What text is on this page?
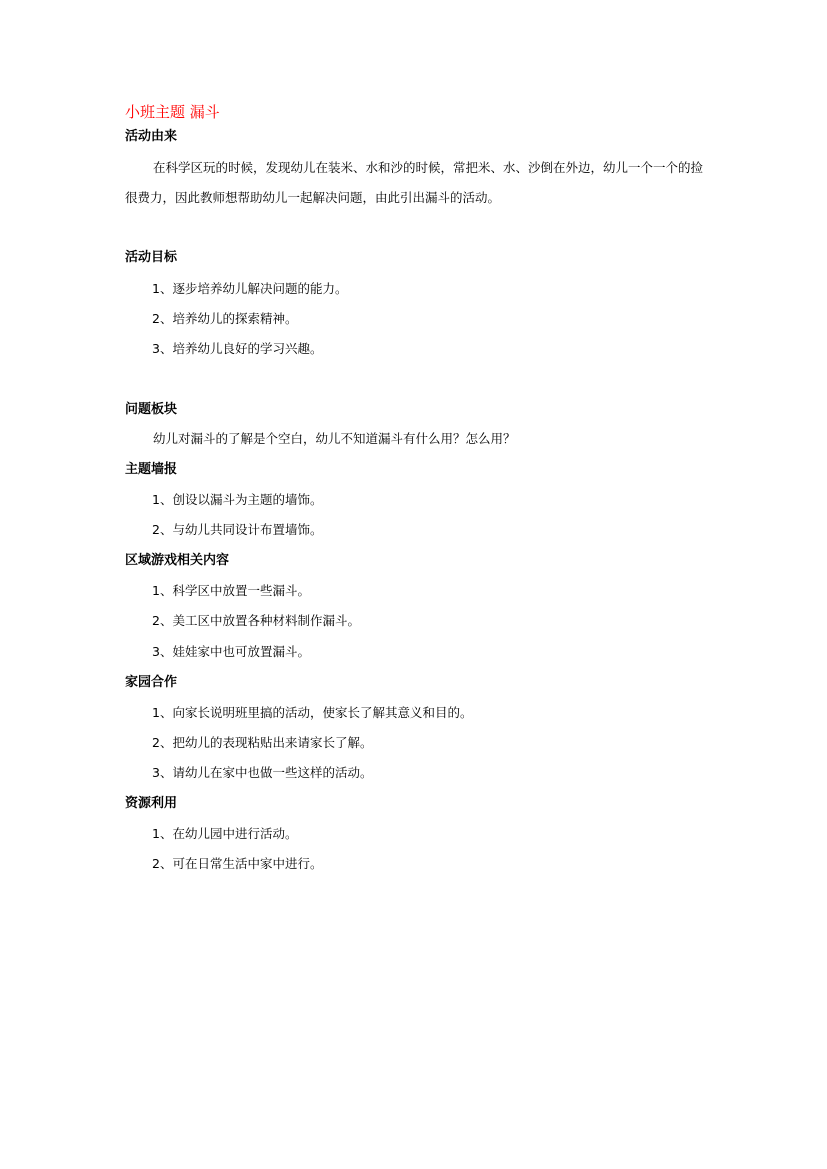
小班主题 漏斗
活动由来

在科学区玩的时候，发现幼儿在装米、水和沙的时候，常把米、水、沙倒在外边，幼儿一个一个的捡很费力，因此教师想帮助幼儿一起解决问题，由此引出漏斗的活动。

活动目标
1、逐步培养幼儿解决问题的能力。
2、培养幼儿的探索精神。
3、培养幼儿良好的学习兴趣。
问题板块

幼儿对漏斗的了解是个空白，幼儿不知道漏斗有什么用？怎么用？

主题墙报
1、创设以漏斗为主题的墙饰。
2、与幼儿共同设计布置墙饰。
区域游戏相关内容
1、科学区中放置一些漏斗。
2、美工区中放置各种材料制作漏斗。
3、娃娃家中也可放置漏斗。
家园合作
1、向家长说明班里搞的活动，使家长了解其意义和目的。
2、把幼儿的表现粘贴出来请家长了解。
3、请幼儿在家中也做一些这样的活动。
资源利用
1、在幼儿园中进行活动。
2、可在日常生活中家中进行。
